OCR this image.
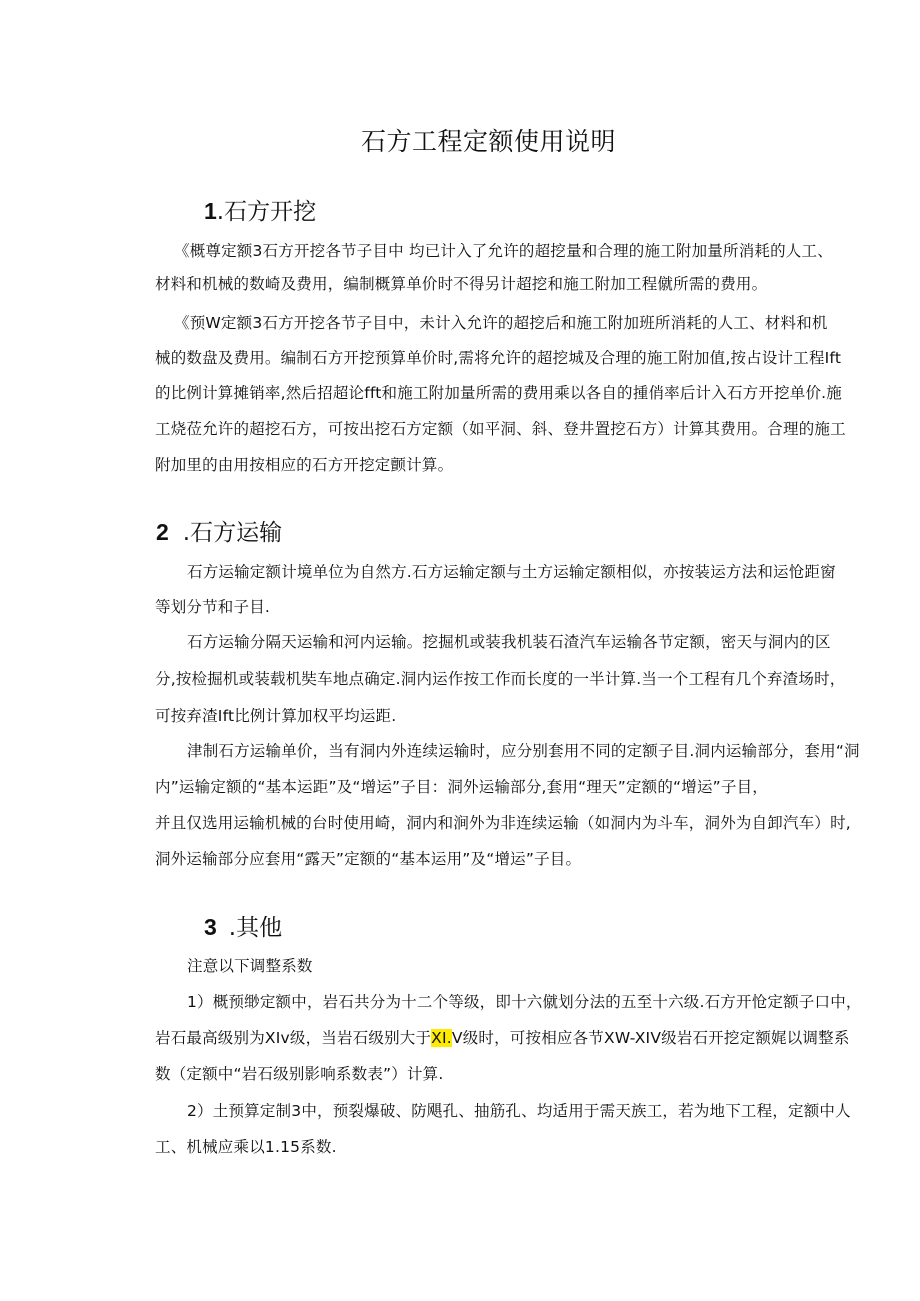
石方工程定额使用说明
1.石方开挖
《概尊定额3石方开挖各节子目中 均已计入了允许的超挖量和合理的施工附加量所消耗的人工、
材料和机械的数崎及费用，编制概算单价时不得另计超挖和施工附加工程僦所需的费用。
《预W定额3石方开挖各节子目中，未计入允许的超挖后和施工附加班所消耗的人工、材料和机
械的数盘及费用。编制石方开挖预算单价时,需将允许的超挖城及合理的施工附加值,按占设计工程Ift
的比例计算摊销率,然后招超论fft和施工附加量所需的费用乘以各自的揰俏率后计入石方开挖单价.施
工烧莅允许的超挖石方，可按出挖石方定额（如平洞、斜、登井置挖石方）计算其费用。合理的施工
附加里的由用按相应的石方开挖定颤计算。
2 .石方运输
石方运输定额计境单位为自然方.石方运输定额与土方运输定额相似，亦按装运方法和运怆距窗
等划分节和子目.
石方运输分隔天运输和河内运输。挖掘机或装我机装石渣汽车运输各节定额，密天与洞内的区
分,按检掘机或装载机奘车地点确定.洞内运作按工作而长度的一半计算.当一个工程有几个弃渣场时，
可按弃渣Ift比例计算加权平均运距.
津制石方运输单价，当有洞内外连续运输时，应分别套用不同的定额子目.洞内运输部分，套用“洞
内”运输定额的“基本运距”及“增运”子目：洞外运输部分,套用“理天”定额的“增运”子目，
并且仅选用运输机械的台时使用崎，洞内和涧外为非连续运输（如洞内为斗车，洞外为自卸汽车）时,
洞外运输部分应套用“露天”定额的“基本运用”及“增运”子目。
3 .其他
注意以下调整系数
1）概预缈定额中，岩石共分为十二个等级，即十六僦划分法的五至十六级.石方开怆定额子口中，
岩石最高级别为XIv级，当岩石级别大于XI.V级时，可按相应各节XW-XIV级岩石开挖定额娓以调整系
数（定额中“岩石级别影响系数表”）计算.
2）土预算定制3中，预裂爆破、防飓孔、抽筋孔、均适用于需天族工，若为地下工程，定额中人
工、机械应乘以1.15系数.
